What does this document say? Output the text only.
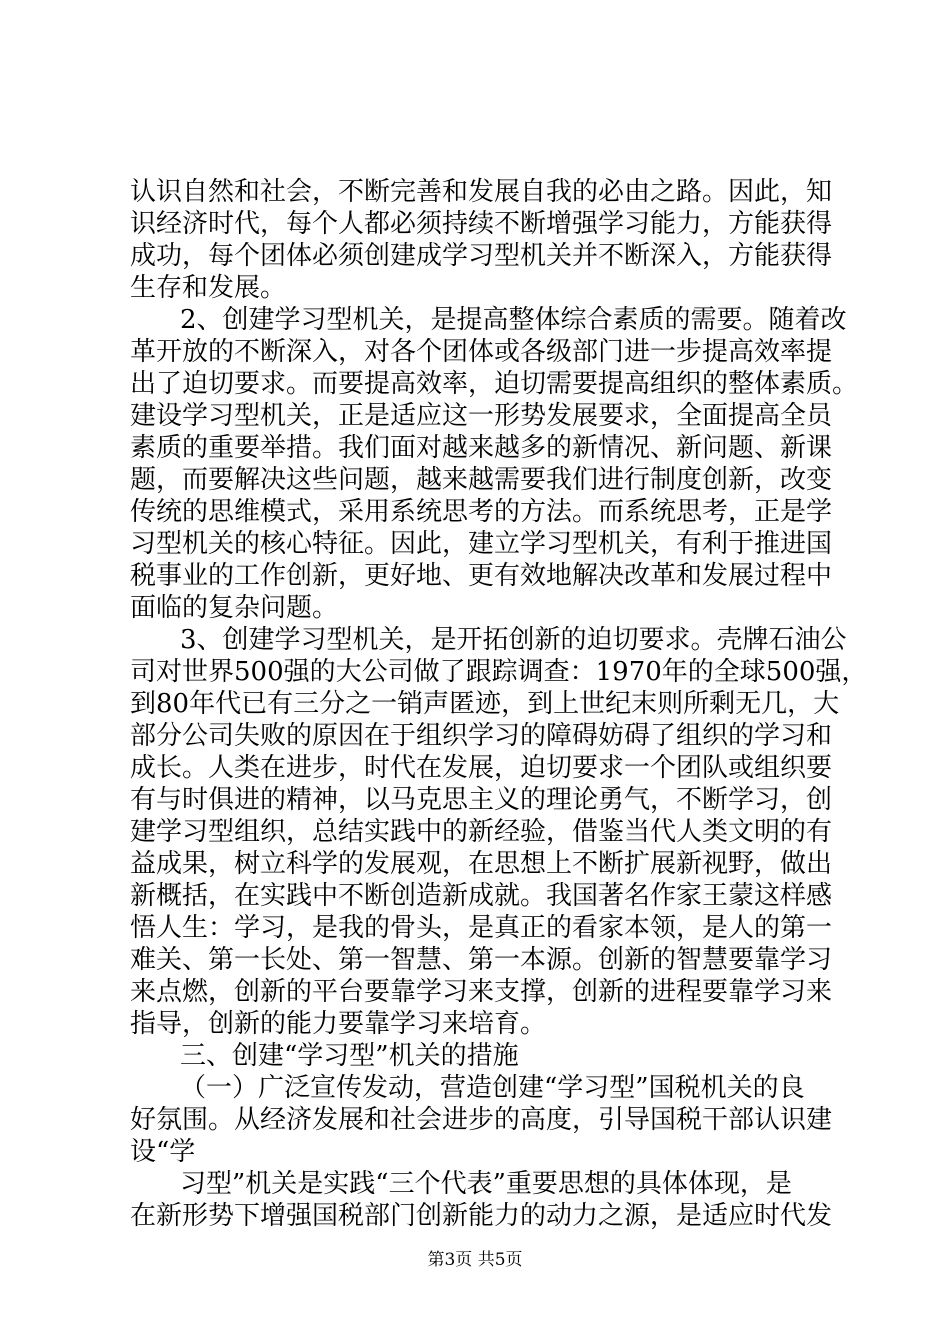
认识自然和社会，不断完善和发展自我的必由之路。因此，知
识经济时代，每个人都必须持续不断增强学习能力，方能获得
成功，每个团体必须创建成学习型机关并不断深入，方能获得
生存和发展。
2、创建学习型机关，是提高整体综合素质的需要。随着改
革开放的不断深入，对各个团体或各级部门进一步提高效率提
出了迫切要求。而要提高效率，迫切需要提高组织的整体素质。
建设学习型机关，正是适应这一形势发展要求，全面提高全员
素质的重要举措。我们面对越来越多的新情况、新问题、新课
题，而要解决这些问题，越来越需要我们进行制度创新，改变
传统的思维模式，采用系统思考的方法。而系统思考，正是学
习型机关的核心特征。因此，建立学习型机关，有利于推进国
税事业的工作创新，更好地、更有效地解决改革和发展过程中
面临的复杂问题。
3、创建学习型机关，是开拓创新的迫切要求。壳牌石油公
司对世界500强的大公司做了跟踪调查：1970年的全球500强，
到80年代已有三分之一销声匿迹，到上世纪末则所剩无几，大
部分公司失败的原因在于组织学习的障碍妨碍了组织的学习和
成长。人类在进步，时代在发展，迫切要求一个团队或组织要
有与时俱进的精神，以马克思主义的理论勇气，不断学习，创
建学习型组织，总结实践中的新经验，借鉴当代人类文明的有
益成果，树立科学的发展观，在思想上不断扩展新视野，做出
新概括，在实践中不断创造新成就。我国著名作家王蒙这样感
悟人生：学习，是我的骨头，是真正的看家本领，是人的第一
难关、第一长处、第一智慧、第一本源。创新的智慧要靠学习
来点燃，创新的平台要靠学习来支撑，创新的进程要靠学习来
指导，创新的能力要靠学习来培育。
三、创建“学习型”机关的措施
（一）广泛宣传发动，营造创建“学习型”国税机关的良
好氛围。从经济发展和社会进步的高度，引导国税干部认识建
设“学
习型”机关是实践“三个代表”重要思想的具体体现，是
在新形势下增强国税部门创新能力的动力之源，是适应时代发
第3页 共5页
